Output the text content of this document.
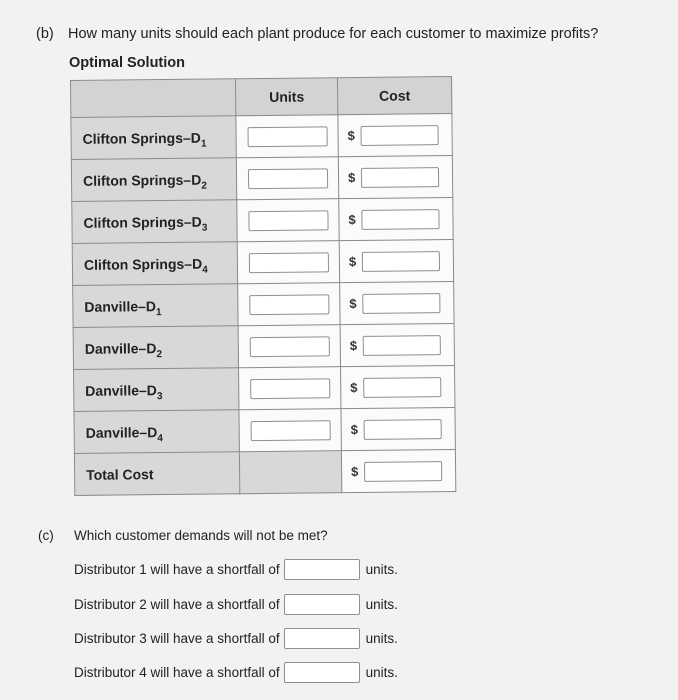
(b) How many units should each plant produce for each customer to maximize profits?
Optimal Solution
	Units	Cost
Clifton Springs–$D_1$		$

Clifton Springs–$D_2$		$

Clifton Springs–$D_3$		$

Clifton Springs–$D_4$		$

Danville–$D_1$		$

Danville–$D_2$		$

Danville–$D_3$		$

Danville–$D_4$		$

Total Cost		$
(c) Which customer demands will not be met?
Distributor 1 will have a shortfall of	units.
Distributor 2 will have a shortfall of	units.
Distributor 3 will have a shortfall of	units.
Distributor 4 will have a shortfall of	units.
